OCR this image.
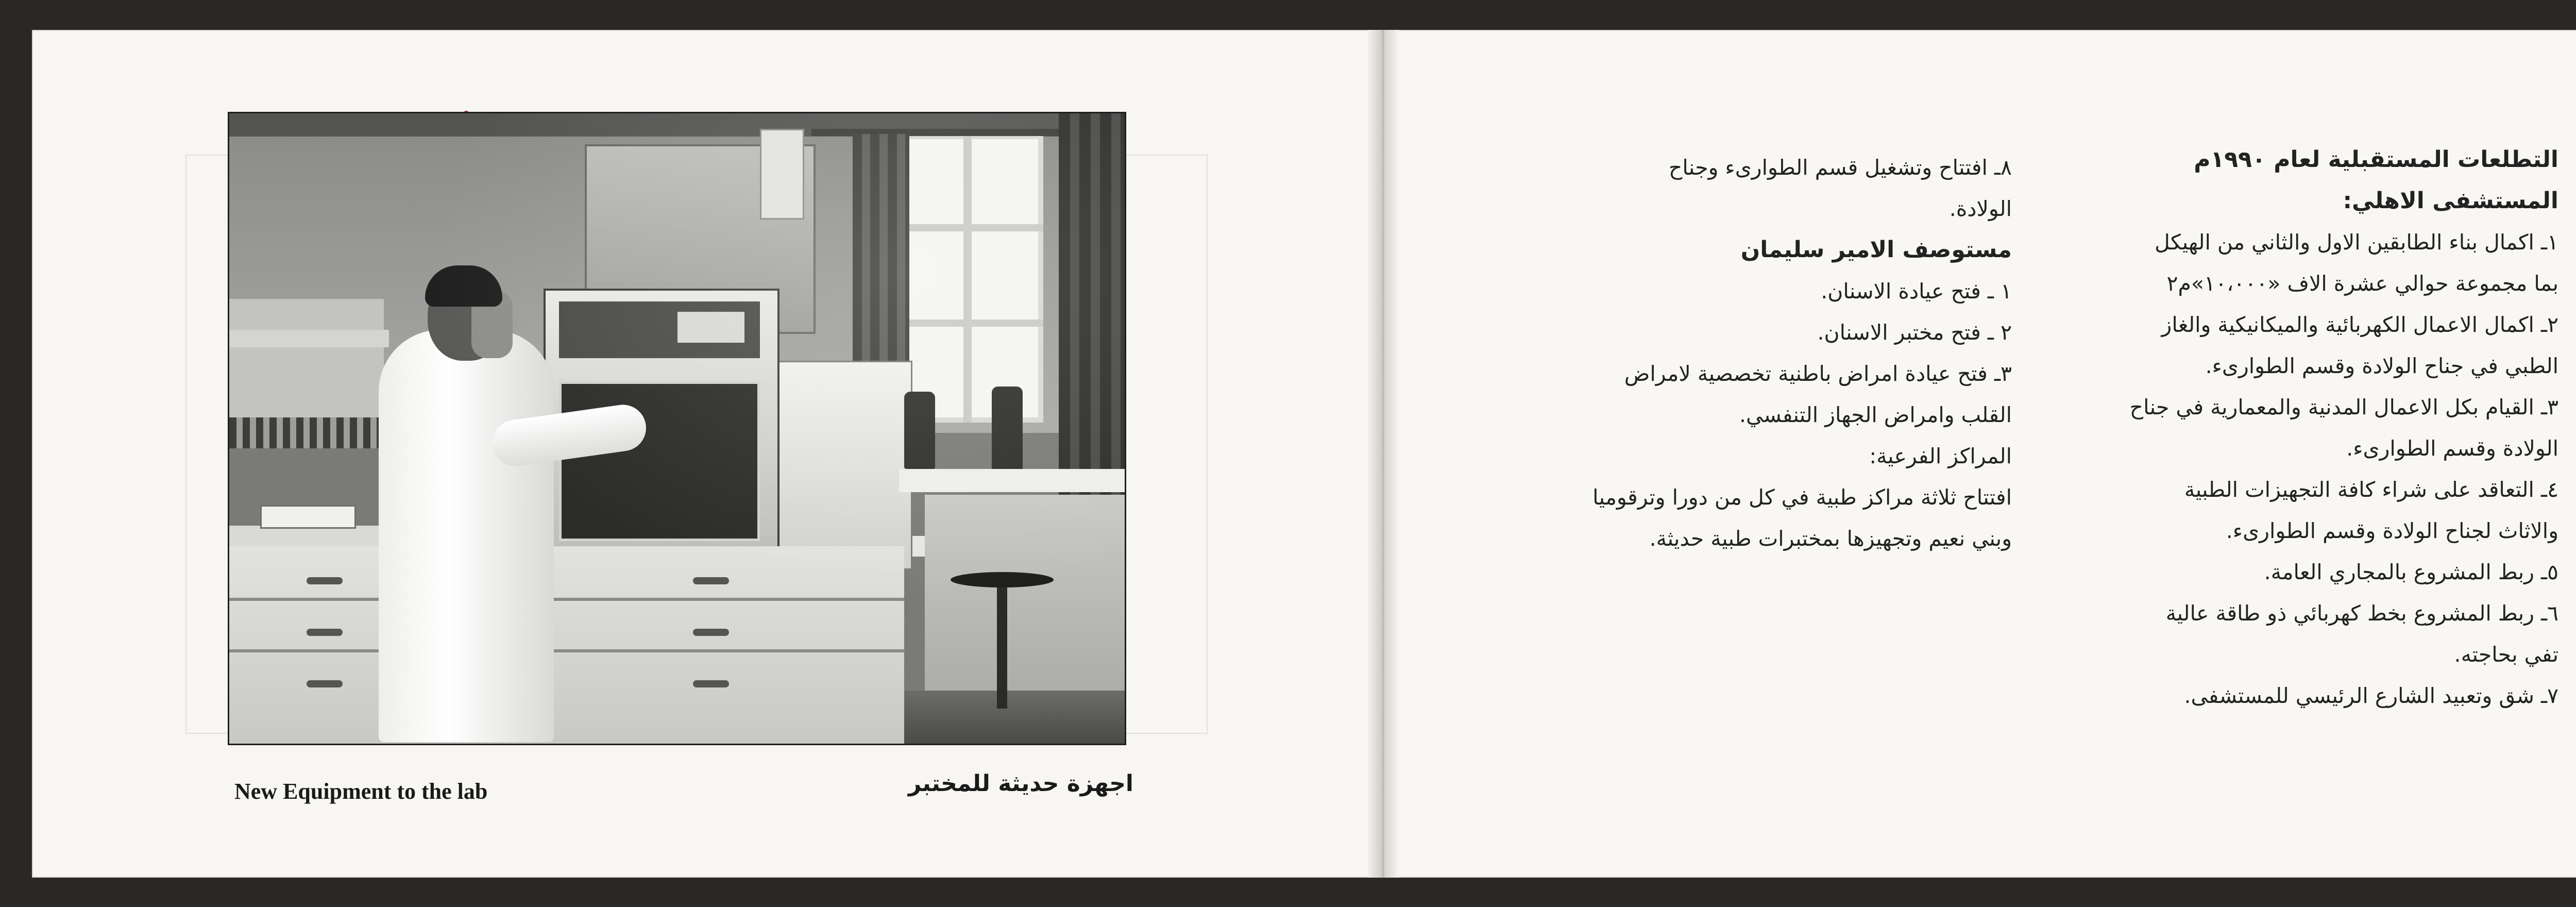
New Equipment to the lab	اجهزة حديثة للمختبر
التطلعات المستقبلية لعام ١٩٩٠م
المستشفى الاهلي:
١ـ اكمال بناء الطابقين الاول والثاني من الهيكل
بما مجموعة حوالي عشرة الاف «١٠،٠٠٠»م٢
٢ـ اكمال الاعمال الكهربائية والميكانيكية والغاز
الطبي في جناح الولادة وقسم الطوارىء.
٣ـ القيام بكل الاعمال المدنية والمعمارية في جناح
الولادة وقسم الطوارىء.
٤ـ التعاقد على شراء كافة التجهيزات الطبية
والاثاث لجناح الولادة وقسم الطوارىء.
٥ـ ربط المشروع بالمجاري العامة.
٦ـ ربط المشروع بخط كهربائي ذو طاقة عالية
تفي بحاجته.
٧ـ شق وتعبيد الشارع الرئيسي للمستشفى.
٨ـ افتتاح وتشغيل قسم الطوارىء وجناح
الولادة.
مستوصف الامير سليمان
١ ـ فتح عيادة الاسنان.
٢ ـ فتح مختبر الاسنان.
٣ـ فتح عيادة امراض باطنية تخصصية لامراض
القلب وامراض الجهاز التنفسي.
المراكز الفرعية:
افتتاح ثلاثة مراكز طبية في كل من دورا وترقوميا
وبني نعيم وتجهيزها بمختبرات طبية حديثة.
